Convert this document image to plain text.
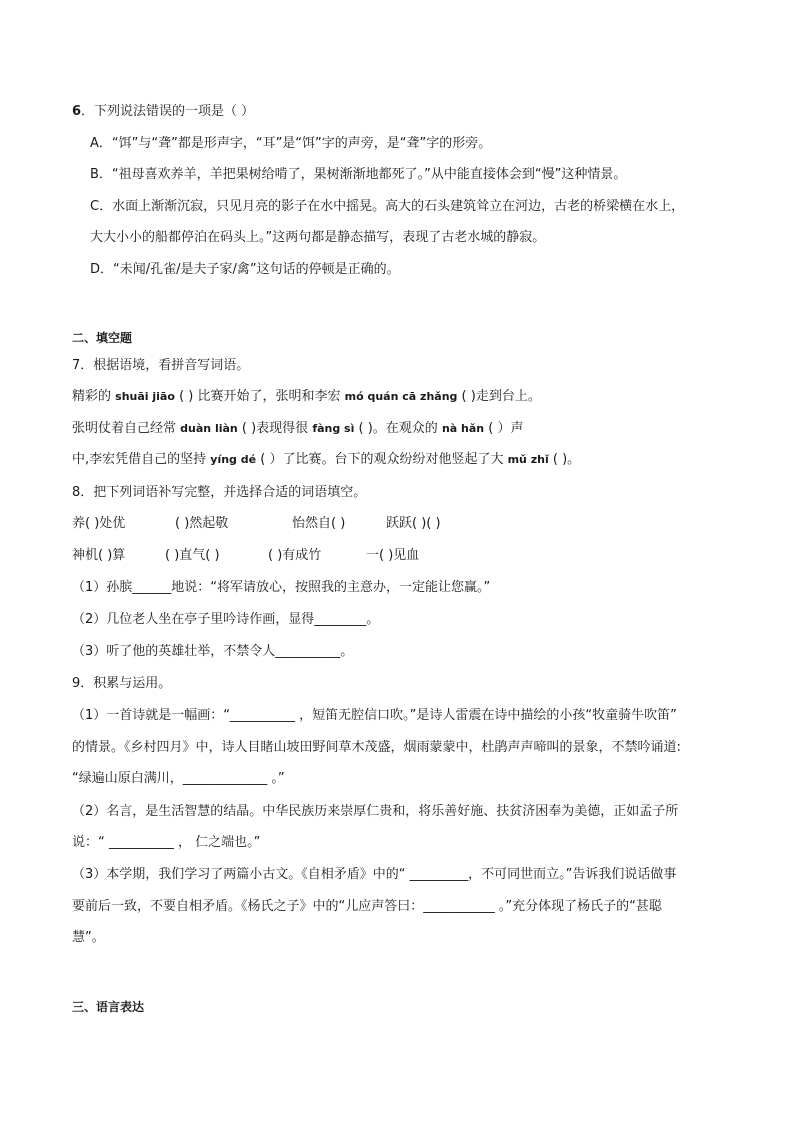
6．下列说法错误的一项是（ ）
A．“饵”与“聋”都是形声字，“耳”是“饵”字的声旁，是“聋”字的形旁。
B．“祖母喜欢养羊，羊把果树给啃了，果树渐渐地都死了。”从中能直接体会到“慢”这种情景。
C．水面上渐渐沉寂，只见月亮的影子在水中摇晃。高大的石头建筑耸立在河边，古老的桥梁横在水上，
大大小小的船都停泊在码头上。”这两句都是静态描写，表现了古老水城的静寂。
D．“未闻/孔雀/是夫子家/禽”这句话的停顿是正确的。
二、填空题
7．根据语境，看拼音写词语。
精彩的 shuāi jiāo ( ) 比赛开始了，张明和李宏 mó quán cā zhǎng ( )走到台上。
张明仗着自己经常 duàn liàn ( )表现得很 fàng sì ( )。在观众的 nà hǎn ( ）声
中,李宏凭借自己的坚持 yíng dé ( ）了比赛。台下的观众纷纷对他竖起了大 mǔ zhǐ ( )。
8．把下列词语补写完整，并选择合适的词语填空。
养( )处优	( )然起敬	怡然自( )	跃跃( )( )
神机( )算	( )直气( )	( )有成竹	一( )见血
（1）孙膑______地说：“将军请放心，按照我的主意办，一定能让您赢。”
（2）几位老人坐在亭子里吟诗作画，显得________。
（3）听了他的英雄壮举，不禁令人__________。
9．积累与运用。
（1）一首诗就是一幅画：“__________ ，短笛无腔信口吹。”是诗人雷震在诗中描绘的小孩“牧童骑牛吹笛”
的情景。《乡村四月》中，诗人目睹山坡田野间草木茂盛，烟雨蒙蒙中，杜鹃声声啼叫的景象，不禁吟诵道:
“绿遍山原白满川，_____________ 。”
（2）名言，是生活智慧的结晶。中华民族历来崇厚仁贵和，将乐善好施、扶贫济困奉为美德，正如孟子所
说：“ __________ ， 仁之端也。”
（3）本学期，我们学习了两篇小古文。《自相矛盾》中的“ _________，不可同世而立。”告诉我们说话做事
要前后一致，不要自相矛盾。《杨氏之子》中的“儿应声答曰：___________ 。”充分体现了杨氏子的“甚聪
慧”。
三、语言表达
